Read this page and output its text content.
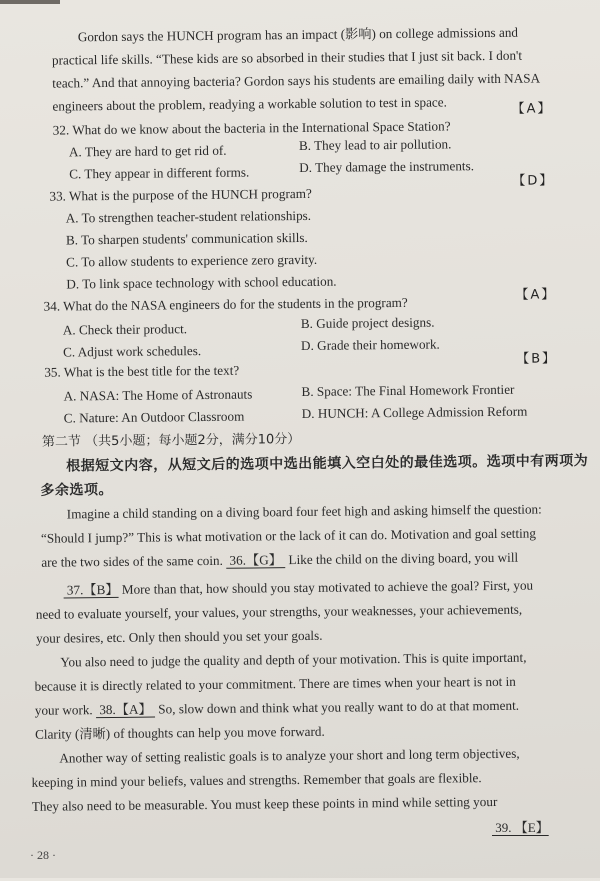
Gordon says the HUNCH program has an impact (影响) on college admissions and
practical life skills. “These kids are so absorbed in their studies that I just sit back. I don't
teach.” And that annoying bacteria? Gordon says his students are emailing daily with NASA
engineers about the problem, readying a workable solution to test in space.	【A】
32. What do we know about the bacteria in the International Space Station?
A. They are hard to get rid of.	B. They lead to air pollution.
C. They appear in different forms.	D. They damage the instruments.
【D】
33. What is the purpose of the HUNCH program?
A. To strengthen teacher-student relationships.
B. To sharpen students' communication skills.
C. To allow students to experience zero gravity.
D. To link space technology with school education.
【A】
34. What do the NASA engineers do for the students in the program?
A. Check their product.	B. Guide project designs.
C. Adjust work schedules.	D. Grade their homework.
【B】
35. What is the best title for the text?
A. NASA: The Home of Astronauts	B. Space: The Final Homework Frontier
C. Nature: An Outdoor Classroom	D. HUNCH: A College Admission Reform
第二节 （共5小题；每小题2分，满分10分）
根据短文内容，从短文后的选项中选出能填入空白处的最佳选项。选项中有两项为
多余选项。
Imagine a child standing on a diving board four feet high and asking himself the question:
“Should I jump?” This is what motivation or the lack of it can do. Motivation and goal setting
are the two sides of the same coin.  36.【G】  Like the child on the diving board, you will
37.【B】 More than that, how should you stay motivated to achieve the goal? First, you
need to evaluate yourself, your values, your strengths, your weaknesses, your achievements,
your desires, etc. Only then should you set your goals.
You also need to judge the quality and depth of your motivation. This is quite important,
because it is directly related to your commitment. There are times when your heart is not in
your work.  38.【A】  So, slow down and think what you really want to do at that moment.
Clarity (清晰) of thoughts can help you move forward.
Another way of setting realistic goals is to analyze your short and long term objectives,
keeping in mind your beliefs, values and strengths. Remember that goals are flexible.
They also need to be measurable. You must keep these points in mind while setting your
39. 【E】
· 28 ·
